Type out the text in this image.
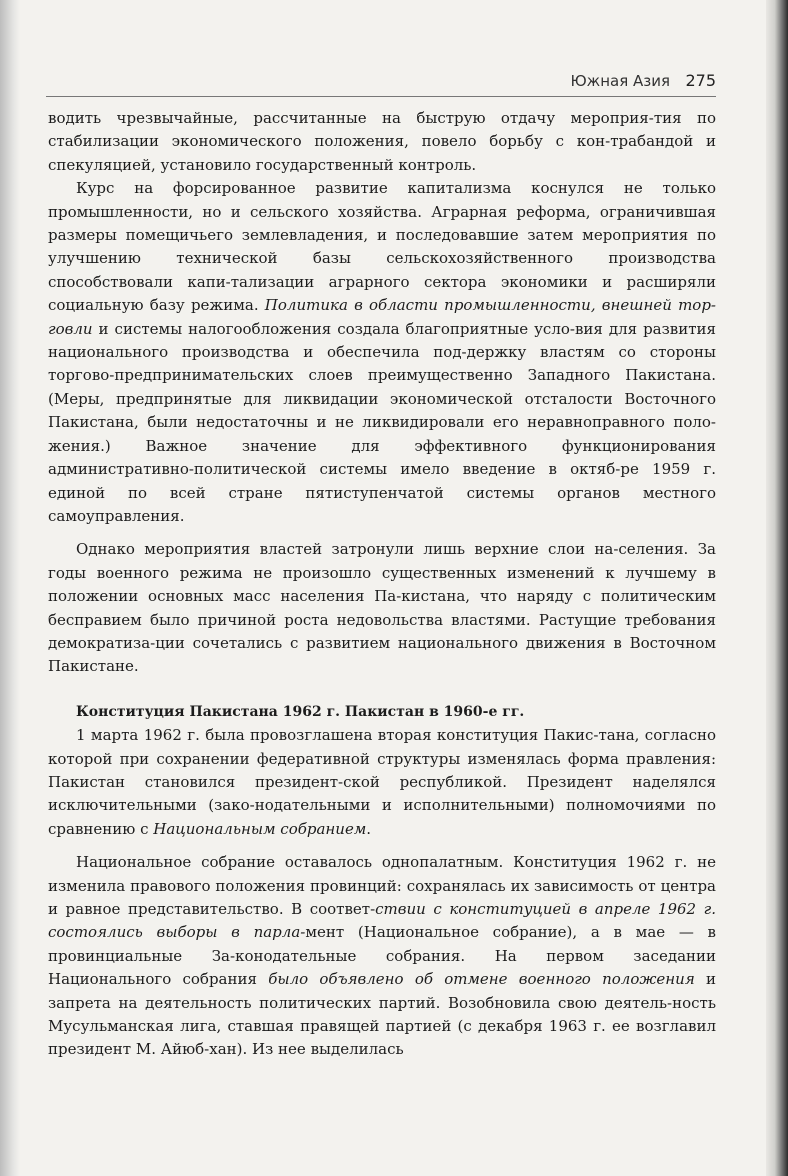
Южная Азия 275

водить чрезвычайные, рассчитанные на быструю отдачу мероприя-тия по стабилизации экономического положения, повело борьбу с кон-трабандой и спекуляцией, установило государственный контроль.

Курс на форсированное развитие капитализма коснулся не только промышленности, но и сельского хозяйства. Аграрная реформа, ограничившая размеры помещичьего землевладения, и последовавшие затем мероприятия по улучшению технической базы сельскохозяйственного производства способствовали капи-тализации аграрного сектора экономики и расширяли социальную базу режима. Политика в области промышленности, внешней тор-говли и системы налогообложения создала благоприятные усло-вия для развития национального производства и обеспечила под-держку властям со стороны торгово-предпринимательских слоев преимущественно Западного Пакистана. (Меры, предпринятые для ликвидации экономической отсталости Восточного Пакистана, были недостаточны и не ликвидировали его неравноправного поло-жения.) Важное значение для эффективного функционирования административно-политической системы имело введение в октяб-ре 1959 г. единой по всей стране пятиступенчатой системы органов местного самоуправления.

Однако мероприятия властей затронули лишь верхние слои на-селения. За годы военного режима не произошло существенных изменений к лучшему в положении основных масс населения Па-кистана, что наряду с политическим бесправием было причиной роста недовольства властями. Растущие требования демократиза-ции сочетались с развитием национального движения в Восточном Пакистане.

Конституция Пакистана 1962 г. Пакистан в 1960-е гг.

1 марта 1962 г. была провозглашена вторая конституция Пакис-тана, согласно которой при сохранении федеративной структуры изменялась форма правления: Пакистан становился президент-ской республикой. Президент наделялся исключительными (зако-нодательными и исполнительными) полномочиями по сравнению с Национальным собранием.

Национальное собрание оставалось однопалатным. Конституция 1962 г. не изменила правового положения провинций: сохранялась их зависимость от центра и равное представительство. В соответ-ствии с конституцией в апреле 1962 г. состоялись выборы в парла-мент (Национальное собрание), а в мае — в провинциальные За-конодательные собрания. На первом заседании Национального собрания было объявлено об отмене военного положения и запрета на деятельность политических партий. Возобновила свою деятель-ность Мусульманская лига, ставшая правящей партией (с декабря 1963 г. ее возглавил президент М. Айюб-хан). Из нее выделилась
